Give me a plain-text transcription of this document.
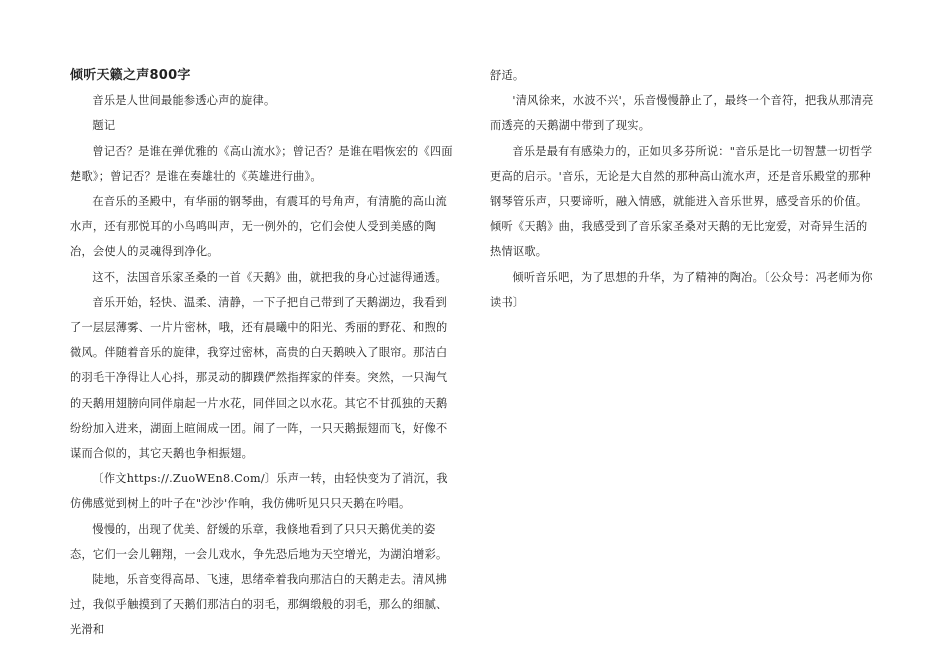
倾听天籁之声800字

音乐是人世间最能参透心声的旋律。

题记

曾记否？是谁在弹优雅的《高山流水》；曾记否？是谁在唱恢宏的《四面楚歌》；曾记否？是谁在奏雄壮的《英雄进行曲》。

在音乐的圣殿中，有华丽的钢琴曲，有震耳的号角声，有清脆的高山流水声，还有那悦耳的小鸟鸣叫声，无一例外的，它们会使人受到美感的陶冶，会使人的灵魂得到净化。

这不，法国音乐家圣桑的一首《天鹅》曲，就把我的身心过滤得通透。

音乐开始，轻快、温柔、清静，一下子把自己带到了天鹅湖边，我看到了一层层薄雾、一片片密林，哦，还有晨曦中的阳光、秀丽的野花、和煦的微风。伴随着音乐的旋律，我穿过密林，高贵的白天鹅映入了眼帘。那洁白的羽毛干净得让人心抖，那灵动的脚蹼俨然指挥家的伴奏。突然，一只淘气的天鹅用翅膀向同伴扇起一片水花，同伴回之以水花。其它不甘孤独的天鹅纷纷加入进来，湖面上暄闹成一团。闹了一阵，一只天鹅振翅而飞，好像不谋而合似的，其它天鹅也争相振翅。

〔作文https://.ZuoWEn8.Com/〕乐声一转，由轻快变为了消沉，我仿佛感觉到树上的叶子在"沙沙'作响，我仿佛听见只只天鹅在吟唱。

慢慢的，出现了优美、舒缓的乐章，我倏地看到了只只天鹅优美的姿态，它们一会儿翱翔，一会儿戏水，争先恐后地为天空增光，为湖泊增彩。

陡地，乐音变得高昂、飞速，思绪牵着我向那洁白的天鹅走去。清风拂过，我似乎触摸到了天鹅们那洁白的羽毛，那绸缎般的羽毛，那么的细腻、光滑和

舒适。

'清风徐来，水波不兴'，乐音慢慢静止了，最终一个音符，把我从那清亮而透亮的天鹅湖中带到了现实。

音乐是最有有感染力的，正如贝多芬所说："音乐是比一切智慧一切哲学更高的启示。'音乐，无论是大自然的那种高山流水声，还是音乐殿堂的那种钢琴管乐声，只要谛听，融入情感，就能进入音乐世界，感受音乐的价值。倾听《天鹅》曲，我感受到了音乐家圣桑对天鹅的无比宠爱，对奇异生活的热情讴歌。

倾听音乐吧，为了思想的升华，为了精神的陶冶。〔公众号：冯老师为你读书〕
